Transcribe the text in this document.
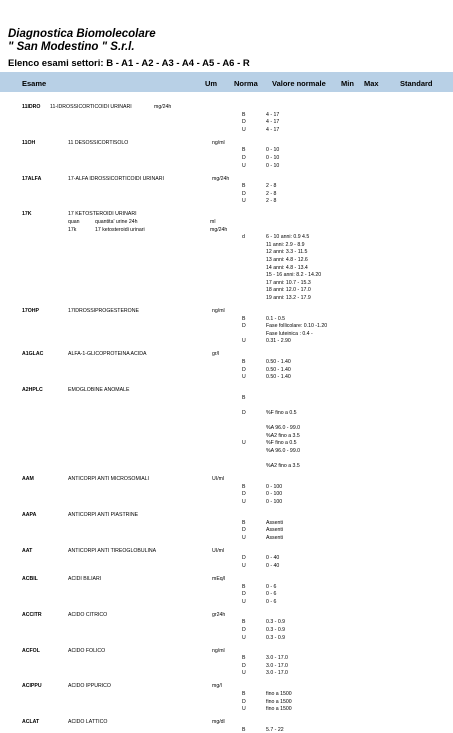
Diagnostica Biomolecolare
" San Modestino " S.r.l.
Elenco esami settori: B - A1 - A2 - A3 - A4 - A5 - A6 - R
Esame	Um Norma Valore normale Min Max	Standard
11IDRO 11-IDROSSICORTICOIDI URINARI	mg/24h
B	4 - 17
D	4 - 17
U	4 - 17
11OH	11 DESOSSICORTISOLO	ng/ml
B	0 - 10
D	0 - 10
U	0 - 10
17ALFA	17-ALFA IDROSSICORTICOIDI URINARI	mg/24h
B	2 - 8
D	2 - 8
U	2 - 8
17K	17 KETOSTEROIDI URINARI
quan	quantita' urine 24h	ml
17k	17 ketosteroidi urinari	mg/24h
d	6 - 10 anni: 0.9 4.5
11 anni: 2.9 - 8.9
12 anni: 3.3 - 11.5
13 anni: 4.8 - 12.6
14 anni: 4.8 - 13.4
15 - 16 anni: 8.2 - 14.20
17 anni: 10.7 - 15.3
18 anni: 12.0 - 17.0
19 anni: 13.2 - 17.9
17OHP	17IDROSSIPROGESTERONE	ng/ml
B	0.1 - 0.5
D	Fase follicolare: 0.10 -1.20
Fase luteinica : 0.4 -
U	0.31 - 2.90
A1GLAC	ALFA-1-GLICOPROTEINA ACIDA	gr/l
B	0.50 - 1.40
D	0.50 - 1.40
U	0.50 - 1.40
A2HPLC	EMOGLOBINE ANOMALE
B
D	%F fino a 0.5
%A 96.0 - 99.0
%A2 fino a 3.5
U	%F fino a 0.5
%A 96.0 - 99.0
%A2 fino a 3.5
AAM	ANTICORPI ANTI MICROSOMIALI	UI/ml
B	0 - 100
D	0 - 100
U	0 - 100
AAPA	ANTICORPI ANTI PIASTRINE
B	Assenti
D	Assenti
U	Assenti
AAT	ANTICORPI ANTI TIREOGLOBULINA	UI/ml
D	0 - 40
U	0 - 40
ACBIL	ACIDI BILIARI	mEq/l
B	0 - 6
D	0 - 6
U	0 - 6
ACCITR	ACIDO CITRICO	gr24h
B	0.3 - 0.9
D	0.3 - 0.9
U	0.3 - 0.9
ACFOL	ACIDO FOLICO	ng/ml
B	3.0 - 17.0
D	3.0 - 17.0
U	3.0 - 17.0
ACIPPU	ACIDO IPPURICO	mg/l
B	fino a 1500
D	fino a 1500
U	fino a 1500
ACLAT	ACIDO LATTICO	mg/dl
B	5.7 - 22
